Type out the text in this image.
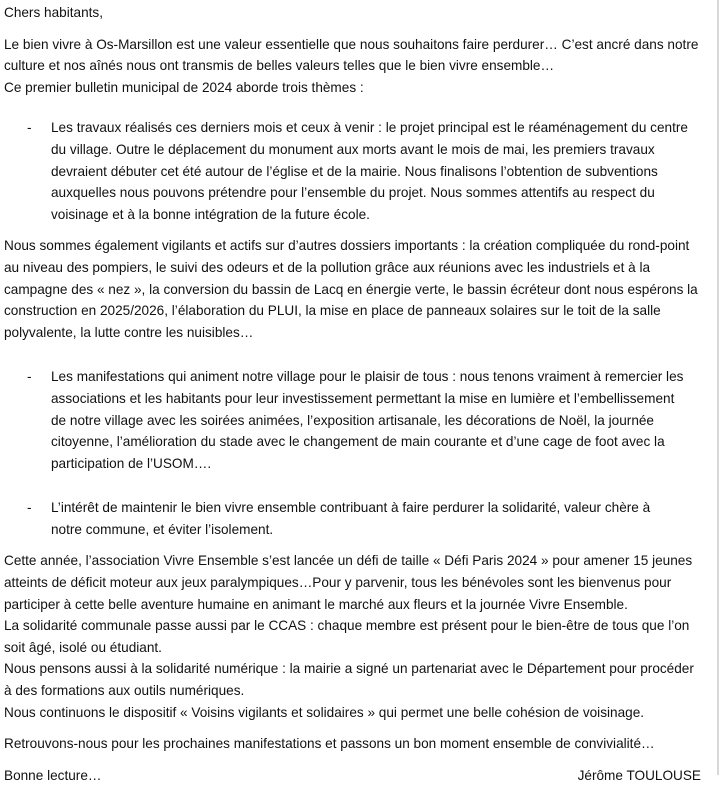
Chers habitants,

Le bien vivre à Os-Marsillon est une valeur essentielle que nous souhaitons faire perdurer… C’est ancré dans notre

culture et nos aînés nous ont transmis de belles valeurs telles que le bien vivre ensemble…

Ce premier bulletin municipal de 2024 aborde trois thèmes :

- Les travaux réalisés ces derniers mois et ceux à venir : le projet principal est le réaménagement du centre

du village. Outre le déplacement du monument aux morts avant le mois de mai, les premiers travaux

devraient débuter cet été autour de l’église et de la mairie. Nous finalisons l’obtention de subventions

auxquelles nous pouvons prétendre pour l’ensemble du projet. Nous sommes attentifs au respect du

voisinage et à la bonne intégration de la future école.

Nous sommes également vigilants et actifs sur d’autres dossiers importants : la création compliquée du rond-point

au niveau des pompiers, le suivi des odeurs et de la pollution grâce aux réunions avec les industriels et à la

campagne des « nez », la conversion du bassin de Lacq en énergie verte, le bassin écréteur dont nous espérons la

construction en 2025/2026, l’élaboration du PLUI, la mise en place de panneaux solaires sur le toit de la salle

polyvalente, la lutte contre les nuisibles…

- Les manifestations qui animent notre village pour le plaisir de tous : nous tenons vraiment à remercier les

associations et les habitants pour leur investissement permettant la mise en lumière et l’embellissement

de notre village avec les soirées animées, l’exposition artisanale, les décorations de Noël, la journée

citoyenne, l’amélioration du stade avec le changement de main courante et d’une cage de foot avec la

participation de l’USOM….

- L’intérêt de maintenir le bien vivre ensemble contribuant à faire perdurer la solidarité, valeur chère à

notre commune, et éviter l’isolement.

Cette année, l’association Vivre Ensemble s’est lancée un défi de taille « Défi Paris 2024 » pour amener 15 jeunes

atteints de déficit moteur aux jeux paralympiques…Pour y parvenir, tous les bénévoles sont les bienvenus pour

participer à cette belle aventure humaine en animant le marché aux fleurs et la journée Vivre Ensemble.

La solidarité communale passe aussi par le CCAS : chaque membre est présent pour le bien-être de tous que l’on

soit âgé, isolé ou étudiant.

Nous pensons aussi à la solidarité numérique : la mairie a signé un partenariat avec le Département pour procéder

à des formations aux outils numériques.

Nous continuons le dispositif « Voisins vigilants et solidaires » qui permet une belle cohésion de voisinage.

Retrouvons-nous pour les prochaines manifestations et passons un bon moment ensemble de convivialité…

Bonne lecture…	Jérôme TOULOUSE
